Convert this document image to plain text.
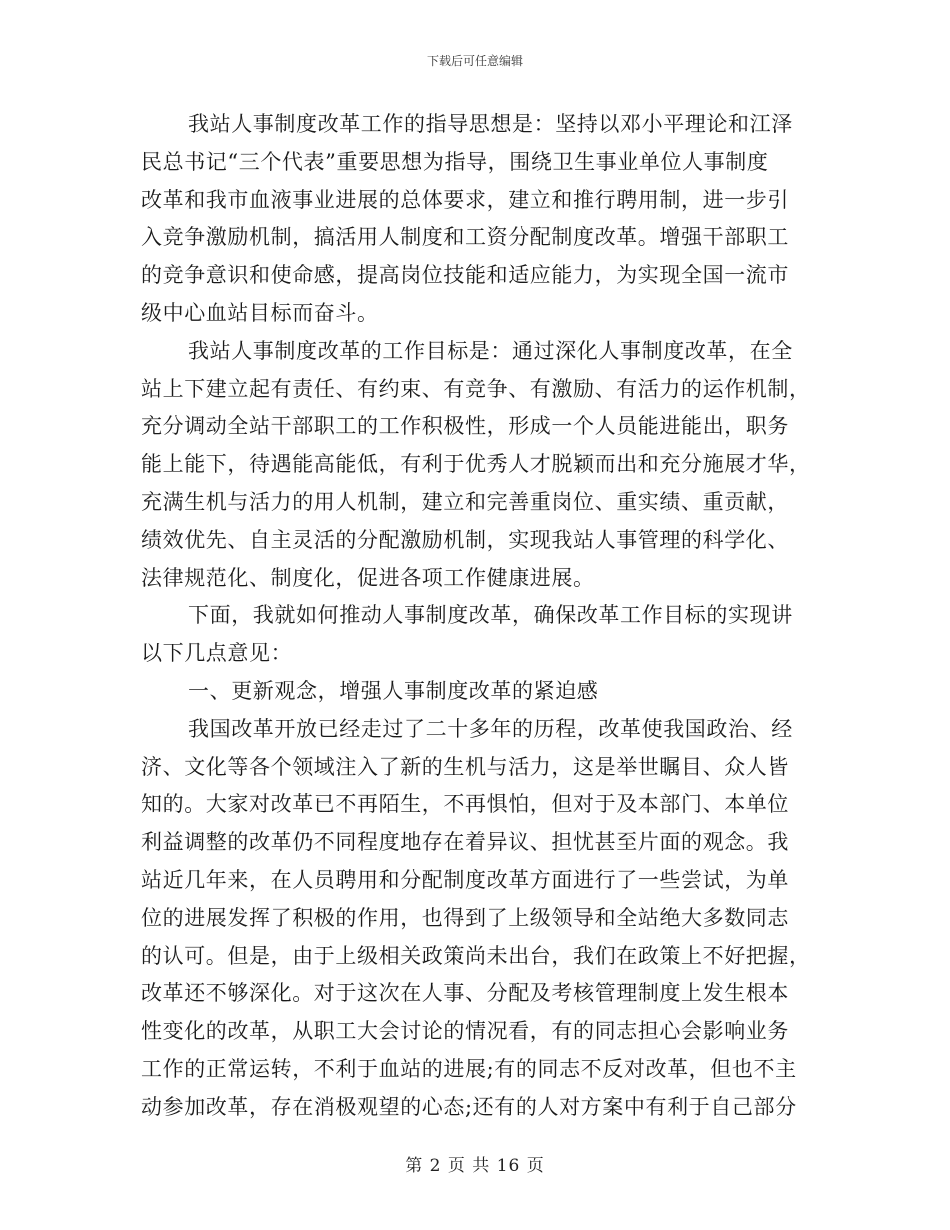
下载后可任意编辑
我站人事制度改革工作的指导思想是：坚持以邓小平理论和江泽
民总书记“三个代表”重要思想为指导，围绕卫生事业单位人事制度
改革和我市血液事业进展的总体要求，建立和推行聘用制，进一步引
入竞争激励机制，搞活用人制度和工资分配制度改革。增强干部职工
的竞争意识和使命感，提高岗位技能和适应能力，为实现全国一流市
级中心血站目标而奋斗。
我站人事制度改革的工作目标是：通过深化人事制度改革，在全
站上下建立起有责任、有约束、有竞争、有激励、有活力的运作机制，
充分调动全站干部职工的工作积极性，形成一个人员能进能出，职务
能上能下，待遇能高能低，有利于优秀人才脱颖而出和充分施展才华，
充满生机与活力的用人机制，建立和完善重岗位、重实绩、重贡献，
绩效优先、自主灵活的分配激励机制，实现我站人事管理的科学化、
法律规范化、制度化，促进各项工作健康进展。
下面，我就如何推动人事制度改革，确保改革工作目标的实现讲
以下几点意见：
一、更新观念，增强人事制度改革的紧迫感
我国改革开放已经走过了二十多年的历程，改革使我国政治、经
济、文化等各个领域注入了新的生机与活力，这是举世瞩目、众人皆
知的。大家对改革已不再陌生，不再惧怕，但对于及本部门、本单位
利益调整的改革仍不同程度地存在着异议、担忧甚至片面的观念。我
站近几年来，在人员聘用和分配制度改革方面进行了一些尝试，为单
位的进展发挥了积极的作用，也得到了上级领导和全站绝大多数同志
的认可。但是，由于上级相关政策尚未出台，我们在政策上不好把握，
改革还不够深化。对于这次在人事、分配及考核管理制度上发生根本
性变化的改革，从职工大会讨论的情况看，有的同志担心会影响业务
工作的正常运转，不利于血站的进展;有的同志不反对改革，但也不主
动参加改革，存在消极观望的心态;还有的人对方案中有利于自己部分
第 2 页 共 16 页
